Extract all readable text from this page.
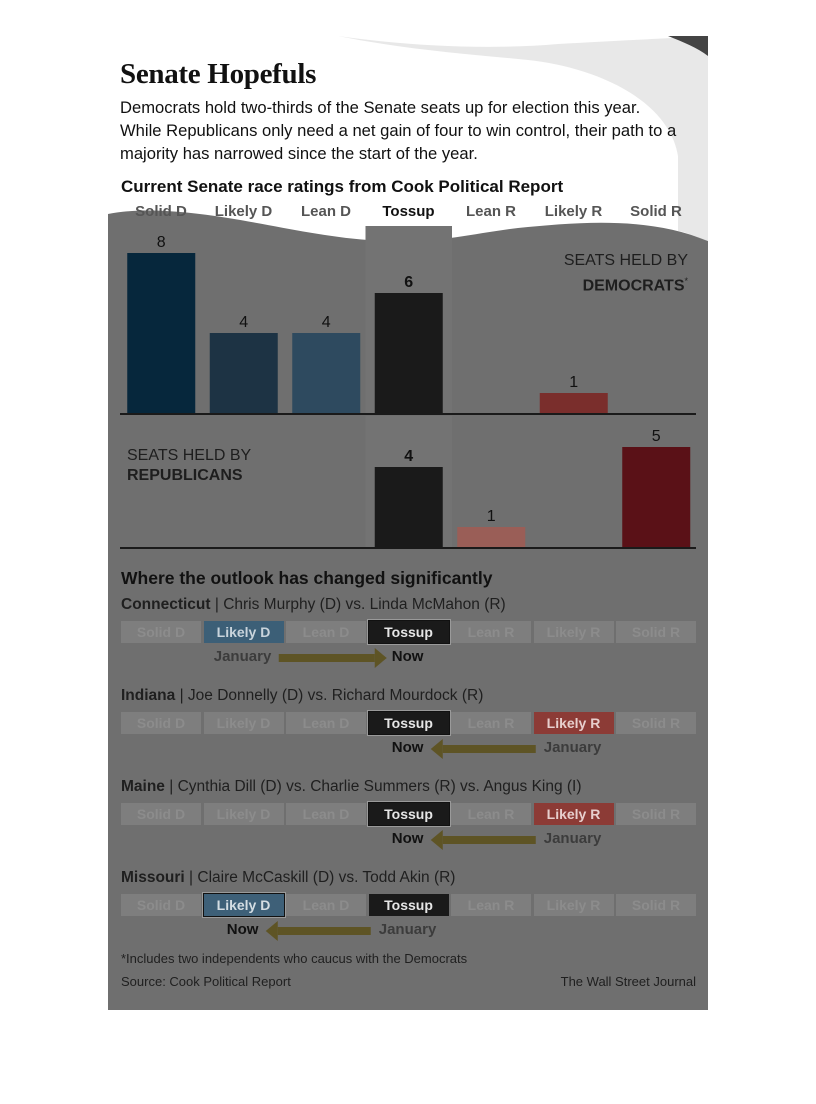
Senate Hopefuls
Democrats hold two-thirds of the Senate seats up for election this year. While Republicans only need a net gain of four to win control, their path to a majority has narrowed since the start of the year.
Current Senate race ratings from Cook Political Report
Solid D	Likely D	Lean D	Tossup	Lean R	Likely R	Solid R
8
4	4
6
1
SEATS HELD BY
DEMOCRATS*
4
1
5
SEATS HELD BY
REPUBLICANS
Where the outlook has changed significantly
Connecticut | Chris Murphy (D) vs. Linda McMahon (R)
Solid D	Likely D	Lean D	Tossup	Lean R	Likely R	Solid R
January	Now
Indiana | Joe Donnelly (D) vs. Richard Mourdock (R)
Solid D	Likely D	Lean D	Tossup	Lean R	Likely R	Solid R
January
Now
Maine | Cynthia Dill (D) vs. Charlie Summers (R) vs. Angus King (I)
Solid D	Likely D	Lean D	Tossup	Lean R	Likely R	Solid R
January
Now
Missouri | Claire McCaskill (D) vs. Todd Akin (R)
Solid D	Likely D	Lean D	Tossup	Lean R	Likely R	Solid R
January
Now
*Includes two independents who caucus with the Democrats
Source: Cook Political Report	The Wall Street Journal
